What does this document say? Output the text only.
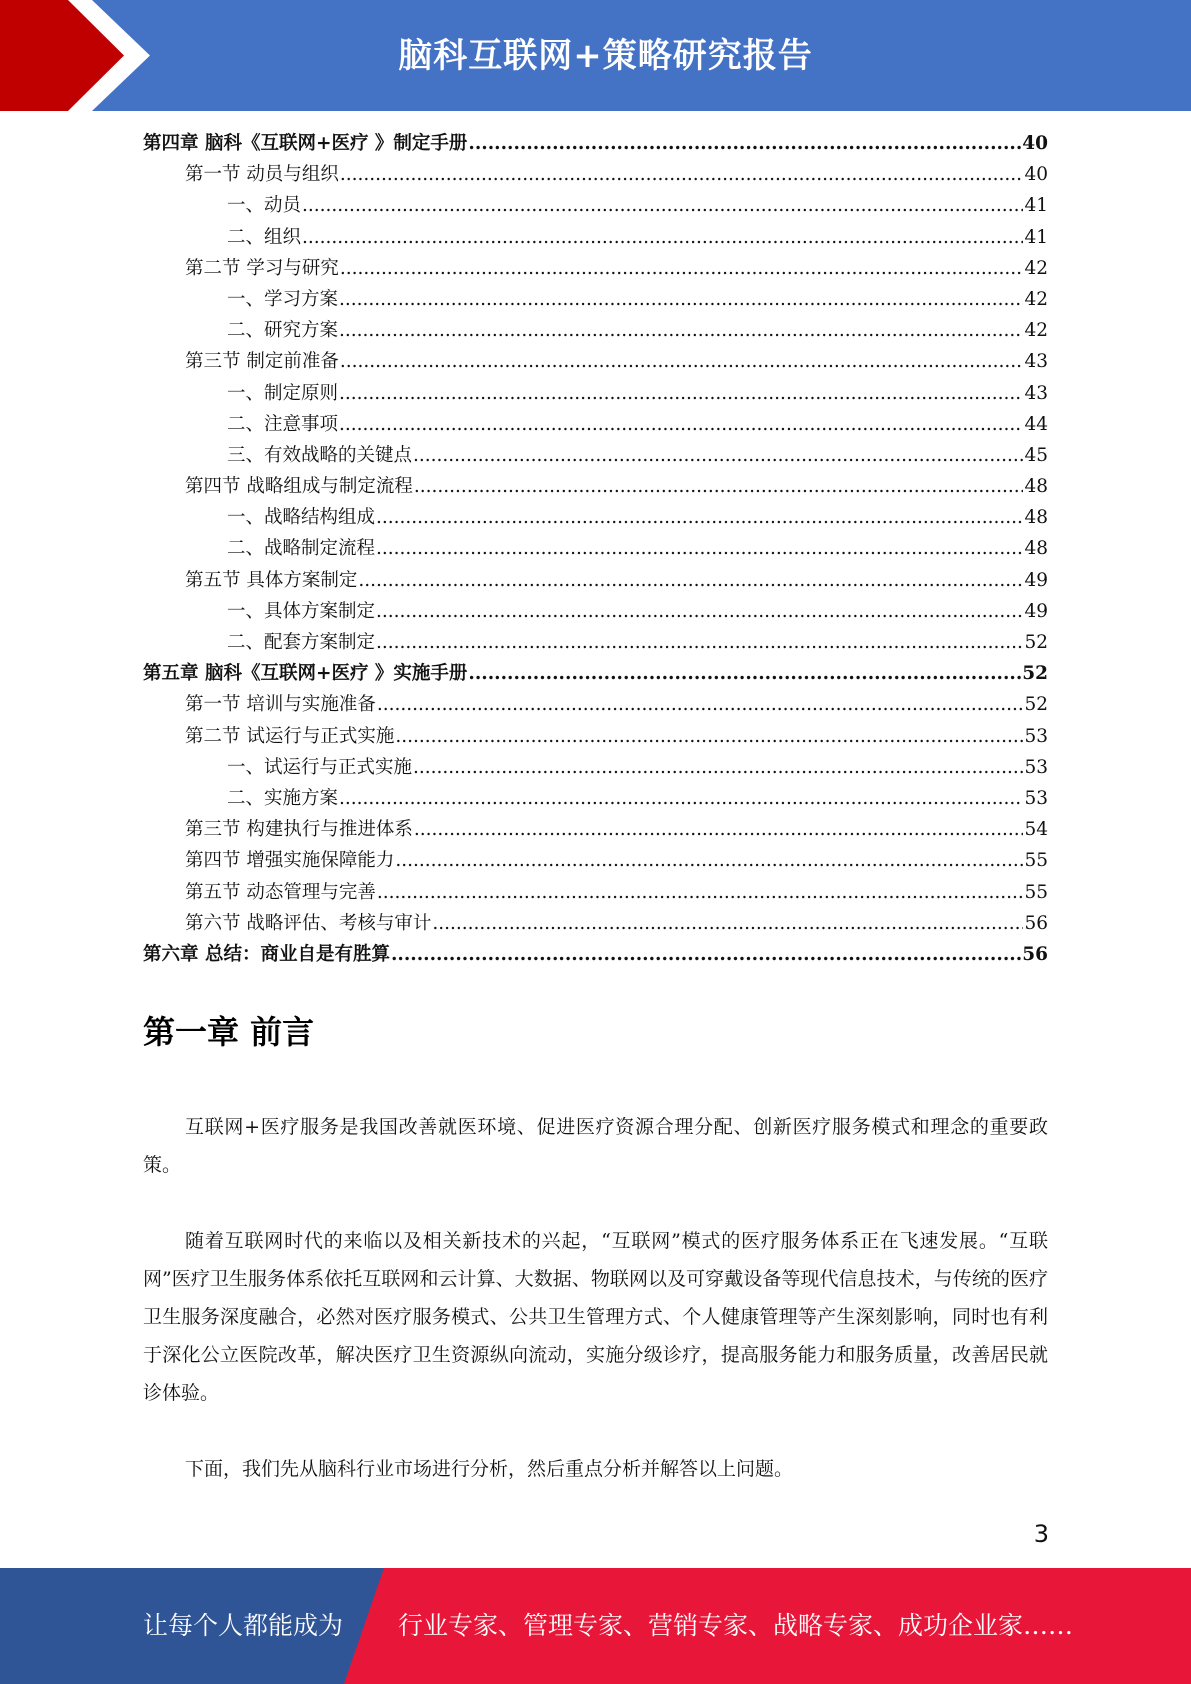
脑科互联网+策略研究报告
第四章 脑科《互联网+医疗 》制定手册 .....	40
第一节 动员与组织 .....	40
一、动员 .....	41
二、组织 .....	41
第二节 学习与研究 .....	42
一、学习方案 .....	42
二、研究方案 .....	42
第三节 制定前准备 .....	43
一、制定原则 .....	43
二、注意事项 .....	44
三、有效战略的关键点 .....	45
第四节 战略组成与制定流程 .....	48
一、战略结构组成 .....	48
二、战略制定流程 .....	48
第五节 具体方案制定 .....	49
一、具体方案制定 .....	49
二、配套方案制定 .....	52
第五章 脑科《互联网+医疗 》实施手册 .....	52
第一节 培训与实施准备 .....	52
第二节 试运行与正式实施 .....	53
一、试运行与正式实施 .....	53
二、实施方案 .....	53
第三节 构建执行与推进体系 .....	54
第四节 增强实施保障能力 .....	55
第五节 动态管理与完善 .....	55
第六节 战略评估、考核与审计 .....	56
第六章 总结：商业自是有胜算 .....	56
第一章 前言

互联网+医疗服务是我国改善就医环境、促进医疗资源合理分配、创新医疗服务模式和理念的重要政策。

随着互联网时代的来临以及相关新技术的兴起，“互联网”模式的医疗服务体系正在飞速发展。“互联网”医疗卫生服务体系依托互联网和云计算、大数据、物联网以及可穿戴设备等现代信息技术，与传统的医疗卫生服务深度融合，必然对医疗服务模式、公共卫生管理方式、个人健康管理等产生深刻影响，同时也有利于深化公立医院改革，解决医疗卫生资源纵向流动，实施分级诊疗，提高服务能力和服务质量，改善居民就诊体验。

下面，我们先从脑科行业市场进行分析，然后重点分析并解答以上问题。

3
让每个人都能成为 行业专家、管理专家、营销专家、战略专家、成功企业家……
